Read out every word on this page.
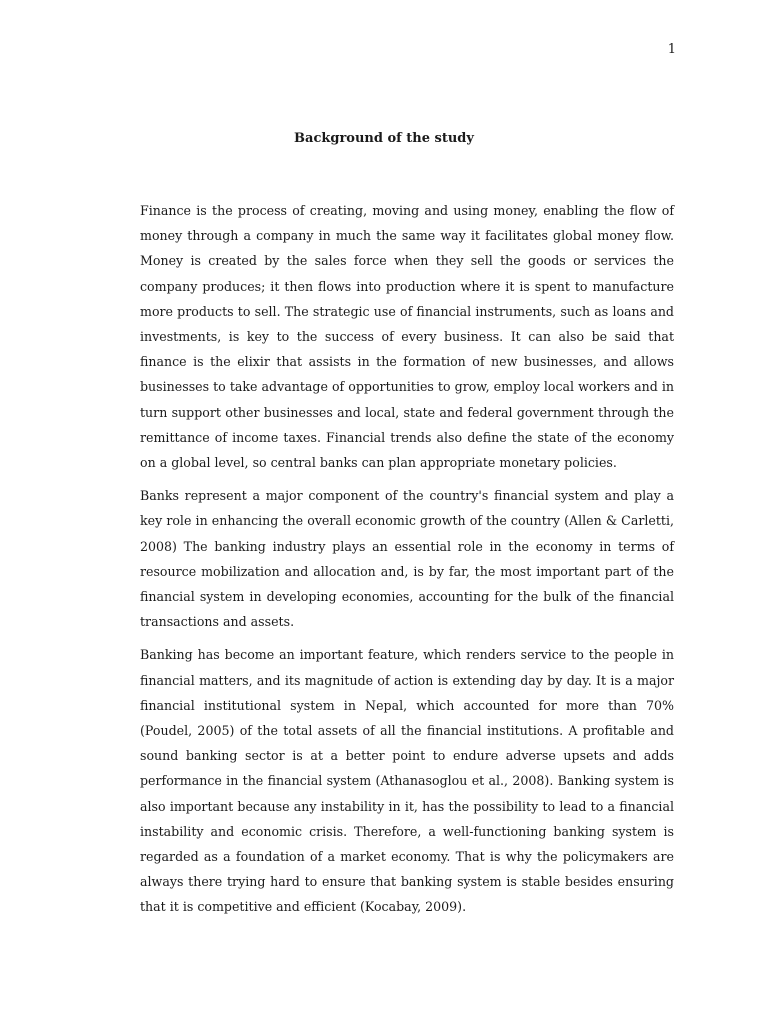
1
Background of the study

Finance is the process of creating, moving and using money, enabling the flow of money through a company in much the same way it facilitates global money flow. Money is created by the sales force when they sell the goods or services the company produces; it then flows into production where it is spent to manufacture more products to sell. The strategic use of financial instruments, such as loans and investments, is key to the success of every business. It can also be said that finance is the elixir that assists in the formation of new businesses, and allows businesses to take advantage of opportunities to grow, employ local workers and in turn support other businesses and local, state and federal government through the remittance of income taxes. Financial trends also define the state of the economy on a global level, so central banks can plan appropriate monetary policies.

Banks represent a major component of the country's financial system and play a key role in enhancing the overall economic growth of the country (Allen & Carletti, 2008) The banking industry plays an essential role in the economy in terms of resource mobilization and allocation and, is by far, the most important part of the financial system in developing economies, accounting for the bulk of the financial transactions and assets.

Banking has become an important feature, which renders service to the people in financial matters, and its magnitude of action is extending day by day. It is a major financial institutional system in Nepal, which accounted for more than 70% (Poudel, 2005) of the total assets of all the financial institutions. A profitable and sound banking sector is at a better point to endure adverse upsets and adds performance in the financial system (Athanasoglou et al., 2008). Banking system is also important because any instability in it, has the possibility to lead to a financial instability and economic crisis. Therefore, a well-functioning banking system is regarded as a foundation of a market economy. That is why the policymakers are always there trying hard to ensure that banking system is stable besides ensuring that it is competitive and efficient (Kocabay, 2009).
